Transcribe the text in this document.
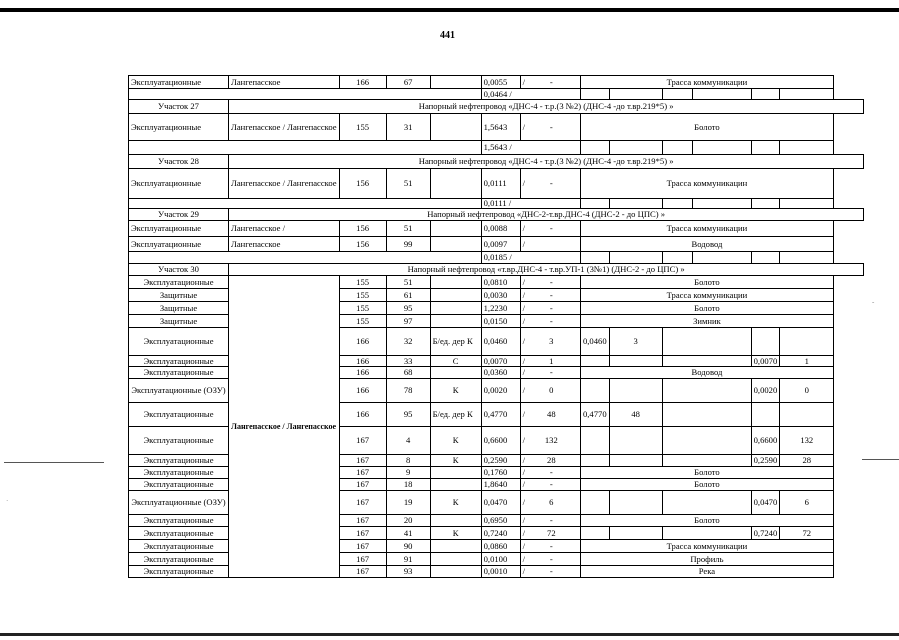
441
-
·
Эксплуатационные	Лангепасское	166	67		0,0055	/ -	Трасса коммуникации					
					0,0464 /							
Участок 27	Напорный нефтепровод «ДНС-4 - т.р.(3 №2) (ДНС-4 -до т.вр.219*5) »											
Эксплуатационные	Лангепасское / Лангепасское	155	31		1,5643	/ -	Болото					
					1,5643 /							
Участок 28	Напорный нефтепровод «ДНС-4 - т.р.(3 №2) (ДНС-4 -до т.вр.219*5) »											
Эксплуатационные	Лангепасское / Лангепасское	156	51		0,0111	/ -	Трасса коммуникацин					
					0,0111 /							
Участок 29	Напорный нефтепровод «ДНС-2-т.вр.ДНС-4 (ДНС-2 - до ЦПС) »											
Эксплуатационные	Лангепасское /	156	51		0,0088	/ -	Трасса коммуникации					
Эксплуатационные	Лангепасское	156	99		0,0097	/	Водовод					
					0,0185 /							
Участок 30	Напорный нефтепровод «т.вр.ДНС-4 - т.вр.УП-1 (3№1) (ДНС-2 - до ЦПС) »											
Эксплуатационные	Лангепасское / Лангепасское	155	51		0,0810	/ -	Болото					
Защитные		155	61		0,0030	/ -	Трасса коммуникации					
Защитные		155	95		1,2230	/ -	Болото					
Защитные		155	97		0,0150	/ -	Зимник					
Эксплуатационные		166	32	Б/ед. дер К	0,0460	/ 3	0,0460	3				
Эксплуатационные		166	33	С	0,0070	/ 1					0,0070	1
Эксплуатационные		166	68		0,0360	/ -	Водовод					
Эксплуатационные (ОЗУ)		166	78	К	0,0020	/ 0					0,0020	0
Эксплуатационные		166	95	Б/ед. дер К	0,4770	/ 48	0,4770	48				
Эксплуатационные		167	4	К	0,6600	/ 132					0,6600	132
Эксплуатационные		167	8	К	0,2590	/ 28					0,2590	28
Эксплуатационные		167	9		0,1760	/ -	Болото					
Эксплуатационные		167	18		1,8640	/ -	Болото					
Эксплуатационные (ОЗУ)		167	19	К	0,0470	/ 6					0,0470	6
Эксплуатационные		167	20		0,6950	/ -	Болото					
Эксплуатационные		167	41	К	0,7240	/ 72					0,7240	72
Эксплуатационные		167	90		0,0860	/ -	Трасса коммуникации					
Эксплуатационные		167	91		0,0100	/ -	Профиль					
Эксплуатационные		167	93		0,0010	/ -	Река					
